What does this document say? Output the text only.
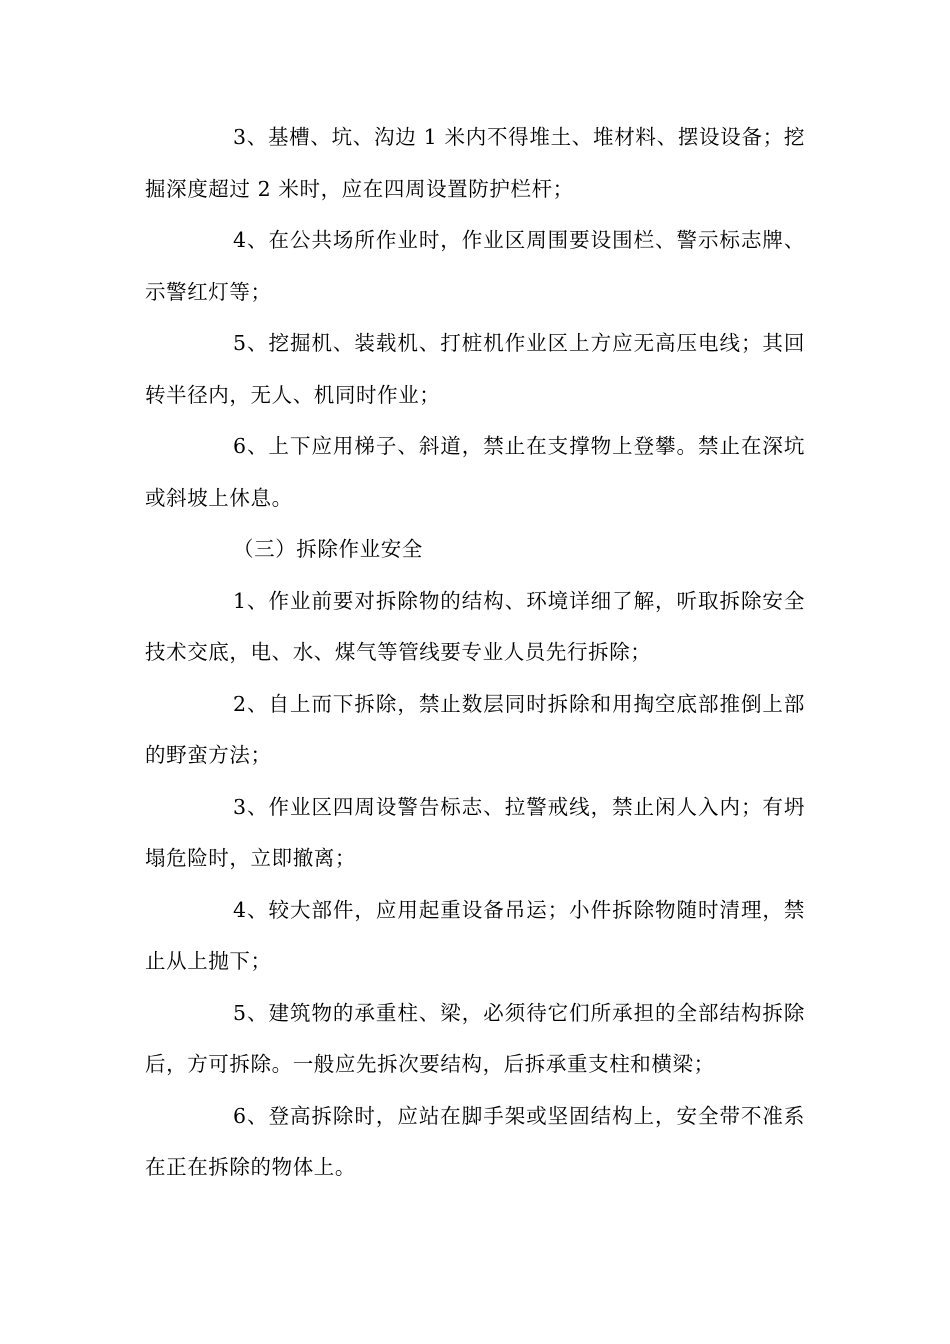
3、基槽、坑、沟边 1 米内不得堆土、堆材料、摆设设备；挖掘深度超过 2 米时，应在四周设置防护栏杆；

4、在公共场所作业时，作业区周围要设围栏、警示标志牌、示警红灯等；

5、挖掘机、装载机、打桩机作业区上方应无高压电线；其回转半径内，无人、机同时作业；

6、上下应用梯子、斜道，禁止在支撑物上登攀。禁止在深坑或斜坡上休息。

（三）拆除作业安全

1、作业前要对拆除物的结构、环境详细了解，听取拆除安全技术交底，电、水、煤气等管线要专业人员先行拆除；

2、自上而下拆除，禁止数层同时拆除和用掏空底部推倒上部的野蛮方法；

3、作业区四周设警告标志、拉警戒线，禁止闲人入内；有坍塌危险时，立即撤离；

4、较大部件，应用起重设备吊运；小件拆除物随时清理，禁止从上抛下；

5、建筑物的承重柱、梁，必须待它们所承担的全部结构拆除后，方可拆除。一般应先拆次要结构，后拆承重支柱和横梁；

6、登高拆除时，应站在脚手架或坚固结构上，安全带不准系在正在拆除的物体上。
